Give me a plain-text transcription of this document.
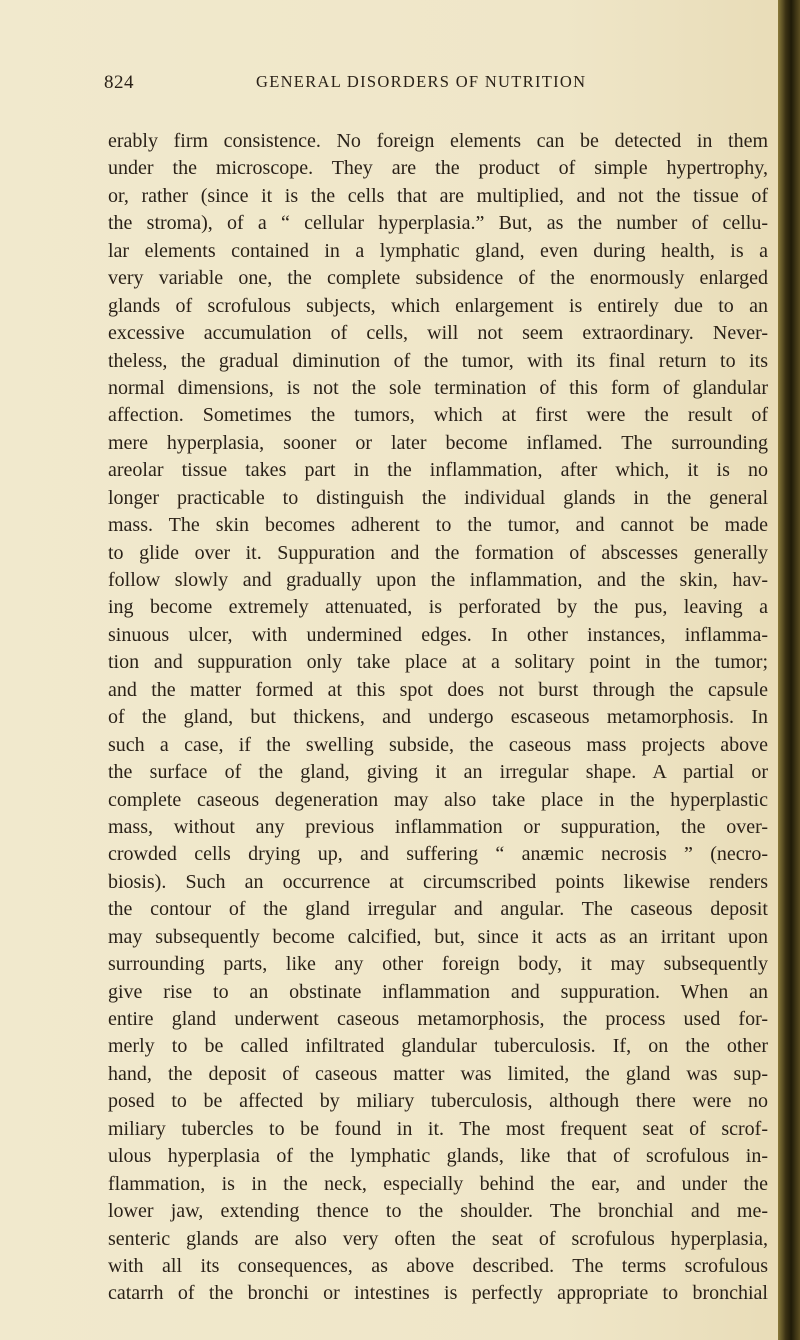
824	GENERAL DISORDERS OF NUTRITION
erably firm consistence. No foreign elements can be detected in them
under the microscope. They are the product of simple hypertrophy,
or, rather (since it is the cells that are multiplied, and not the tissue of
the stroma), of a “ cellular hyperplasia.” But, as the number of cellu-
lar elements contained in a lymphatic gland, even during health, is a
very variable one, the complete subsidence of the enormously enlarged
glands of scrofulous subjects, which enlargement is entirely due to an
excessive accumulation of cells, will not seem extraordinary. Never-
theless, the gradual diminution of the tumor, with its final return to its
normal dimensions, is not the sole termination of this form of glandular
affection. Sometimes the tumors, which at first were the result of
mere hyperplasia, sooner or later become inflamed. The surrounding
areolar tissue takes part in the inflammation, after which, it is no
longer practicable to distinguish the individual glands in the general
mass. The skin becomes adherent to the tumor, and cannot be made
to glide over it. Suppuration and the formation of abscesses generally
follow slowly and gradually upon the inflammation, and the skin, hav-
ing become extremely attenuated, is perforated by the pus, leaving a
sinuous ulcer, with undermined edges. In other instances, inflamma-
tion and suppuration only take place at a solitary point in the tumor;
and the matter formed at this spot does not burst through the capsule
of the gland, but thickens, and undergo escaseous metamorphosis. In
such a case, if the swelling subside, the caseous mass projects above
the surface of the gland, giving it an irregular shape. A partial or
complete caseous degeneration may also take place in the hyperplastic
mass, without any previous inflammation or suppuration, the over-
crowded cells drying up, and suffering “ anæmic necrosis ” (necro-
biosis). Such an occurrence at circumscribed points likewise renders
the contour of the gland irregular and angular. The caseous deposit
may subsequently become calcified, but, since it acts as an irritant upon
surrounding parts, like any other foreign body, it may subsequently
give rise to an obstinate inflammation and suppuration. When an
entire gland underwent caseous metamorphosis, the process used for-
merly to be called infiltrated glandular tuberculosis. If, on the other
hand, the deposit of caseous matter was limited, the gland was sup-
posed to be affected by miliary tuberculosis, although there were no
miliary tubercles to be found in it. The most frequent seat of scrof-
ulous hyperplasia of the lymphatic glands, like that of scrofulous in-
flammation, is in the neck, especially behind the ear, and under the
lower jaw, extending thence to the shoulder. The bronchial and me-
senteric glands are also very often the seat of scrofulous hyperplasia,
with all its consequences, as above described. The terms scrofulous
catarrh of the bronchi or intestines is perfectly appropriate to bronchial
